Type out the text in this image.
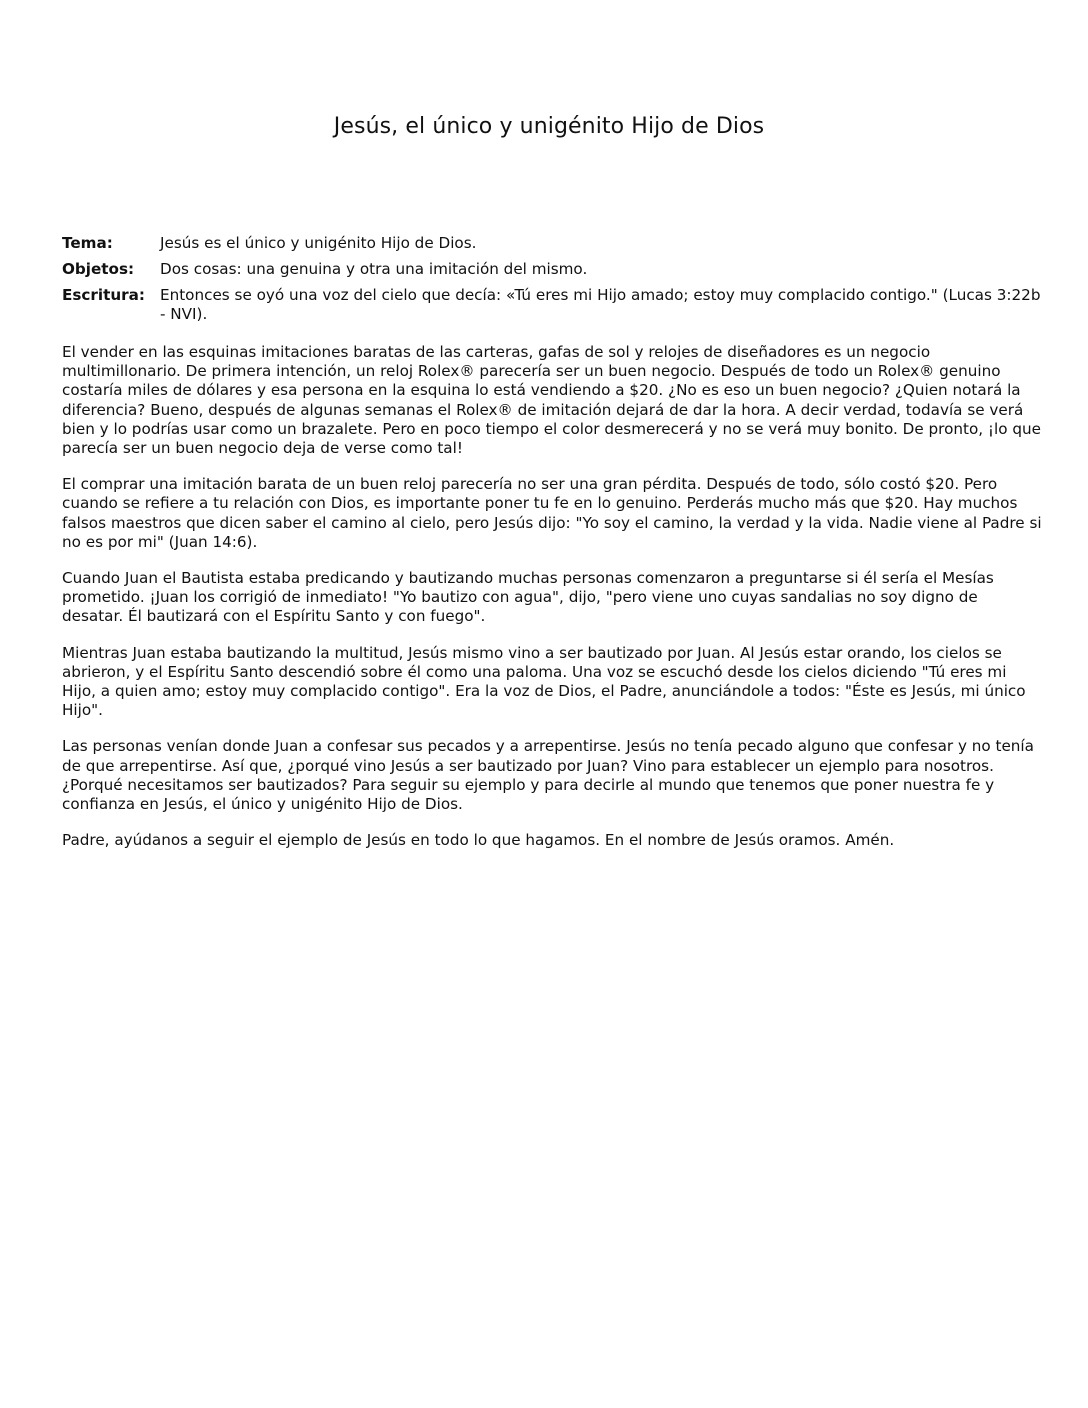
Jesús, el único y unigénito Hijo de Dios
Tema:	Jesús es el único y unigénito Hijo de Dios.
Objetos:	Dos cosas: una genuina y otra una imitación del mismo.
Escritura:	Entonces se oyó una voz del cielo que decía: «Tú eres mi Hijo amado; estoy muy complacido contigo." (Lucas 3:22b - NVI).

El vender en las esquinas imitaciones baratas de las carteras, gafas de sol y relojes de diseñadores es un negocio multimillonario. De primera intención, un reloj Rolex® parecería ser un buen negocio. Después de todo un Rolex® genuino costaría miles de dólares y esa persona en la esquina lo está vendiendo a $20. ¿No es eso un buen negocio? ¿Quien notará la diferencia? Bueno, después de algunas semanas el Rolex® de imitación dejará de dar la hora. A decir verdad, todavía se verá bien y lo podrías usar como un brazalete. Pero en poco tiempo el color desmerecerá y no se verá muy bonito. De pronto, ¡lo que parecía ser un buen negocio deja de verse como tal!

El comprar una imitación barata de un buen reloj parecería no ser una gran pérdita. Después de todo, sólo costó $20. Pero cuando se refiere a tu relación con Dios, es importante poner tu fe en lo genuino. Perderás mucho más que $20. Hay muchos falsos maestros que dicen saber el camino al cielo, pero Jesús dijo: "Yo soy el camino, la verdad y la vida. Nadie viene al Padre si no es por mi" (Juan 14:6).

Cuando Juan el Bautista estaba predicando y bautizando muchas personas comenzaron a preguntarse si él sería el Mesías prometido. ¡Juan los corrigió de inmediato! "Yo bautizo con agua", dijo, "pero viene uno cuyas sandalias no soy digno de desatar. Él bautizará con el Espíritu Santo y con fuego".

Mientras Juan estaba bautizando la multitud, Jesús mismo vino a ser bautizado por Juan. Al Jesús estar orando, los cielos se abrieron, y el Espíritu Santo descendió sobre él como una paloma. Una voz se escuchó desde los cielos diciendo "Tú eres mi Hijo, a quien amo; estoy muy complacido contigo". Era la voz de Dios, el Padre, anunciándole a todos: "Éste es Jesús, mi único Hijo".

Las personas venían donde Juan a confesar sus pecados y a arrepentirse. Jesús no tenía pecado alguno que confesar y no tenía de que arrepentirse. Así que, ¿porqué vino Jesús a ser bautizado por Juan? Vino para establecer un ejemplo para nosotros. ¿Porqué necesitamos ser bautizados? Para seguir su ejemplo y para decirle al mundo que tenemos que poner nuestra fe y confianza en Jesús, el único y unigénito Hijo de Dios.

Padre, ayúdanos a seguir el ejemplo de Jesús en todo lo que hagamos. En el nombre de Jesús oramos. Amén.
